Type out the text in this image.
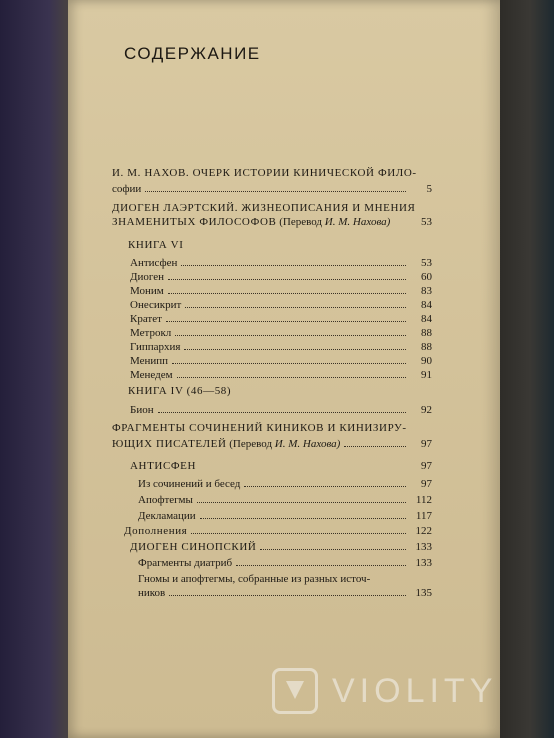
СОДЕРЖАНИЕ
И. М. НАХОВ. ОЧЕРК ИСТОРИИ КИНИЧЕСКОЙ ФИЛО-
софии	5
ДИОГЕН ЛАЭРТСКИЙ. ЖИЗНЕОПИСАНИЯ И МНЕНИЯ
ЗНАМЕНИТЫХ ФИЛОСОФОВ (Перевод И. М. Нахова)	53
КНИГА VI
Антисфен	53
Диоген	60
Моним	83
Онесикрит	84
Кратет	84
Метрокл	88
Гиппархия	88
Менипп	90
Менедем	91
КНИГА IV (46—58)
Бион	92
ФРАГМЕНТЫ СОЧИНЕНИЙ КИНИКОВ И КИНИЗИРУ-
ЮЩИХ ПИСАТЕЛЕЙ (Перевод И. М. Нахова)	97
АНТИСФЕН	97
Из сочинений и бесед	97
Апофтегмы	112
Декламации	117
Дополнения	122
ДИОГЕН СИНОПСКИЙ	133
Фрагменты диатриб	133
Гномы и апофтегмы, собранные из разных источ-
ников	135
VIOLITY
